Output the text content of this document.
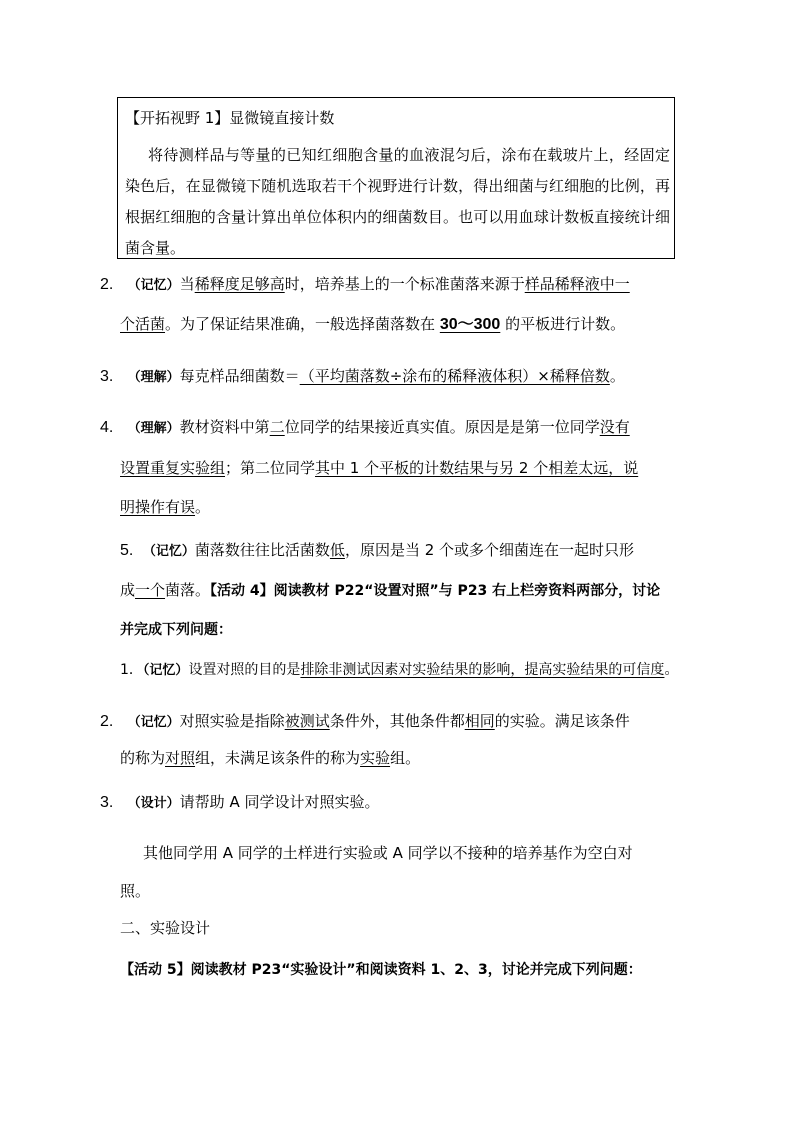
【开拓视野 1】显微镜直接计数
将待测样品与等量的已知红细胞含量的血液混匀后，涂布在载玻片上，经固定染色后，在显微镜下随机选取若干个视野进行计数，得出细菌与红细胞的比例，再根据红细胞的含量计算出单位体积内的细菌数目。也可以用血球计数板直接统计细菌含量。
2. （记忆）当稀释度足够高时，培养基上的一个标准菌落来源于样品稀释液中一
个活菌。为了保证结果准确，一般选择菌落数在 30～300 的平板进行计数。
3. （理解）每克样品细菌数＝（平均菌落数÷涂布的稀释液体积）×稀释倍数。
4. （理解）教材资料中第二位同学的结果接近真实值。原因是是第一位同学没有
设置重复实验组；第二位同学其中 1 个平板的计数结果与另 2 个相差太远，说
明操作有误。
5. （记忆）菌落数往往比活菌数低，原因是当 2 个或多个细菌连在一起时只形
成一个菌落。【活动 4】阅读教材 P22“设置对照”与 P23 右上栏旁资料两部分，讨论
并完成下列问题：
1．（记忆）设置对照的目的是排除非测试因素对实验结果的影响，提高实验结果的可信度。
2. （记忆）对照实验是指除被测试条件外，其他条件都相同的实验。满足该条件
的称为对照组，未满足该条件的称为实验组。
3. （设计）请帮助 A 同学设计对照实验。
其他同学用 A 同学的土样进行实验或 A 同学以不接种的培养基作为空白对
照。
二、实验设计
【活动 5】阅读教材 P23“实验设计”和阅读资料 1、2、3，讨论并完成下列问题：
